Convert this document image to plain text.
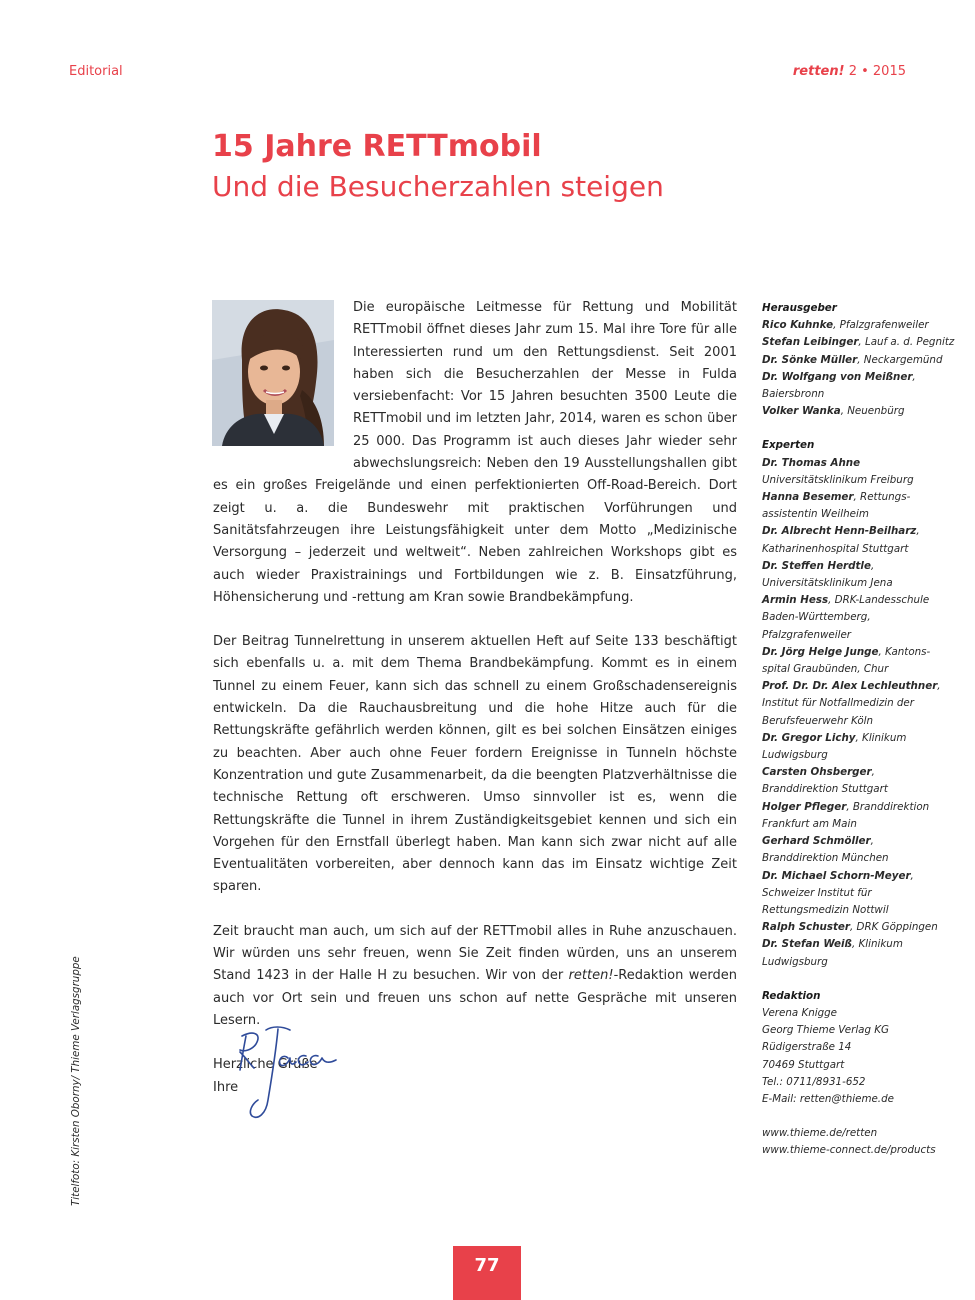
Editorial	retten! 2 • 2015
15 Jahre RETTmobil
Und die Besucherzahlen steigen

Die europäische Leitmesse für Rettung und Mobilität RETTmobil öffnet dieses Jahr zum 15. Mal ihre Tore für alle Interessierten rund um den Rettungsdienst. Seit 2001 haben sich die Besucherzahlen der Messe in Fulda versiebenfacht: Vor 15 Jahren besuchten 3500 Leute die RETTmobil und im letzten Jahr, 2014, waren es schon über 25 000. Das Programm ist auch dieses Jahr wieder sehr abwechslungsreich: Neben den 19 Ausstellungshallen gibt es ein großes Freigelände und einen perfektionierten Off-Road-Bereich. Dort zeigt u. a. die Bundeswehr mit praktischen Vorführungen und Sanitätsfahrzeugen ihre Leistungsfähigkeit unter dem Motto „Medizinische Versorgung – jederzeit und weltweit“. Neben zahlreichen Workshops gibt es auch wieder Praxistrainings und Fortbildungen wie z. B. Einsatzführung, Höhensicherung und -rettung am Kran sowie Brandbekämpfung.

Der Beitrag Tunnelrettung in unserem aktuellen Heft auf Seite 133 beschäftigt sich ebenfalls u. a. mit dem Thema Brandbekämpfung. Kommt es in einem Tunnel zu einem Feuer, kann sich das schnell zu einem Großschadensereignis entwickeln. Da die Rauchausbreitung und die hohe Hitze auch für die Rettungskräfte gefährlich werden können, gilt es bei solchen Einsätzen einiges zu beachten. Aber auch ohne Feuer fordern Ereignisse in Tunneln höchste Konzentration und gute Zusammenarbeit, da die beengten Platzverhältnisse die technische Rettung oft erschweren. Umso sinnvoller ist es, wenn die Rettungskräfte die Tunnel in ihrem Zuständigkeitsgebiet kennen und sich ein Vorgehen für den Ernstfall überlegt haben. Man kann sich zwar nicht auf alle Eventualitäten vorbereiten, aber dennoch kann das im Einsatz wichtige Zeit sparen.

Zeit braucht man auch, um sich auf der RETTmobil alles in Ruhe anzuschauen. Wir würden uns sehr freuen, wenn Sie Zeit finden würden, uns an unserem Stand 1423 in der Halle H zu besuchen. Wir von der retten!-Redaktion werden auch vor Ort sein und freuen uns schon auf nette Gespräche mit unseren Lesern.

Herzliche Grüße

Ihre

Herausgeber
Rico Kuhnke, Pfalzgrafenweiler
Stefan Leibinger, Lauf a. d. Pegnitz
Dr. Sönke Müller, Neckargemünd
Dr. Wolfgang von Meißner,
Baiersbronn
Volker Wanka, Neuenbürg
Experten
Dr. Thomas Ahne
Universitätsklinikum Freiburg
Hanna Besemer, Rettungs-
assistentin Weilheim
Dr. Albrecht Henn-Beilharz,
Katharinenhospital Stuttgart
Dr. Steffen Herdtle,
Universitätsklinikum Jena
Armin Hess, DRK-Landesschule
Baden-Württemberg,
Pfalzgrafenweiler
Dr. Jörg Helge Junge, Kantons-
spital Graubünden, Chur
Prof. Dr. Dr. Alex Lechleuthner,
Institut für Notfallmedizin der
Berufsfeuerwehr Köln
Dr. Gregor Lichy, Klinikum
Ludwigsburg
Carsten Ohsberger,
Branddirektion Stuttgart
Holger Pfleger, Branddirektion
Frankfurt am Main
Gerhard Schmöller,
Branddirektion München
Dr. Michael Schorn-Meyer,
Schweizer Institut für
Rettungsmedizin Nottwil
Ralph Schuster, DRK Göppingen
Dr. Stefan Weiß, Klinikum
Ludwigsburg
Redaktion
Verena Knigge
Georg Thieme Verlag KG
Rüdigerstraße 14
70469 Stuttgart
Tel.: 0711/8931-652
E-Mail: retten@thieme.de
www.thieme.de/retten
www.thieme-connect.de/products
Titelfoto: Kirsten Oborny/ Thieme Verlagsgruppe
77
